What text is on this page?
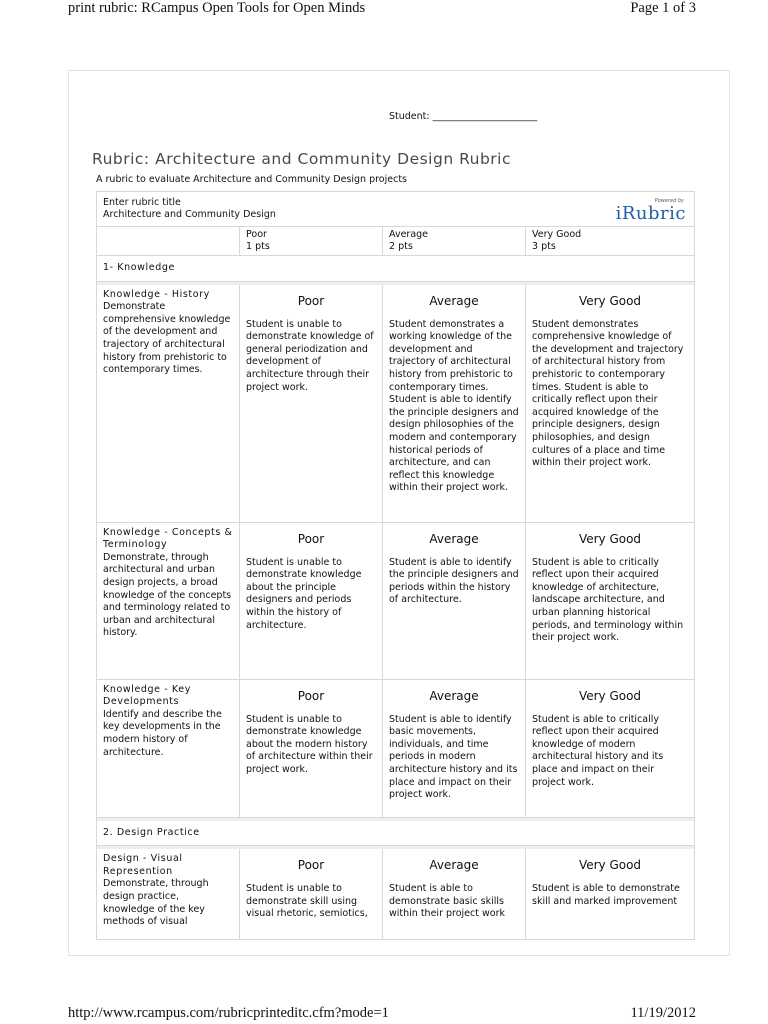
print rubric: RCampus Open Tools for Open Minds	Page 1 of 3
Student: ______________________
Rubric: Architecture and Community Design Rubric
A rubric to evaluate Architecture and Community Design projects
Enter rubric title
Architecture and Community Design
Powered by
iRubric
Poor
1 pts
Average
2 pts
Very Good
3 pts
1- Knowledge
Knowledge - History
Demonstrate comprehensive knowledge of the development and trajectory of architectural history from prehistoric to contemporary times.
Poor
Student is unable to demonstrate knowledge of general periodization and development of architecture through their project work.
Average
Student demonstrates a working knowledge of the development and trajectory of architectural history from prehistoric to contemporary times. Student is able to identify the principle designers and design philosophies of the modern and contemporary historical periods of architecture, and can reflect this knowledge within their project work.
Very Good
Student demonstrates comprehensive knowledge of the development and trajectory of architectural history from prehistoric to contemporary times. Student is able to critically reflect upon their acquired knowledge of the principle designers, design philosophies, and design cultures of a place and time within their project work.
Knowledge - Concepts & Terminology
Demonstrate, through architectural and urban design projects, a broad knowledge of the concepts and terminology related to urban and architectural history.
Poor
Student is unable to demonstrate knowledge about the principle designers and periods within the history of architecture.
Average
Student is able to identify the principle designers and periods within the history of architecture.
Very Good
Student is able to critically reflect upon their acquired knowledge of architecture, landscape architecture, and urban planning historical periods, and terminology within their project work.
Knowledge - Key Developments
Identify and describe the key developments in the modern history of architecture.
Poor
Student is unable to demonstrate knowledge about the modern history of architecture within their project work.
Average
Student is able to identify basic movements, individuals, and time periods in modern architecture history and its place and impact on their project work.
Very Good
Student is able to critically reflect upon their acquired knowledge of modern architectural history and its place and impact on their project work.
2. Design Practice
Design - Visual Represention
Demonstrate, through design practice, knowledge of the key methods of visual
Poor
Student is unable to demonstrate skill using visual rhetoric, semiotics,
Average
Student is able to demonstrate basic skills within their project work
Very Good
Student is able to demonstrate skill and marked improvement
http://www.rcampus.com/rubricprinteditc.cfm?mode=1	11/19/2012
